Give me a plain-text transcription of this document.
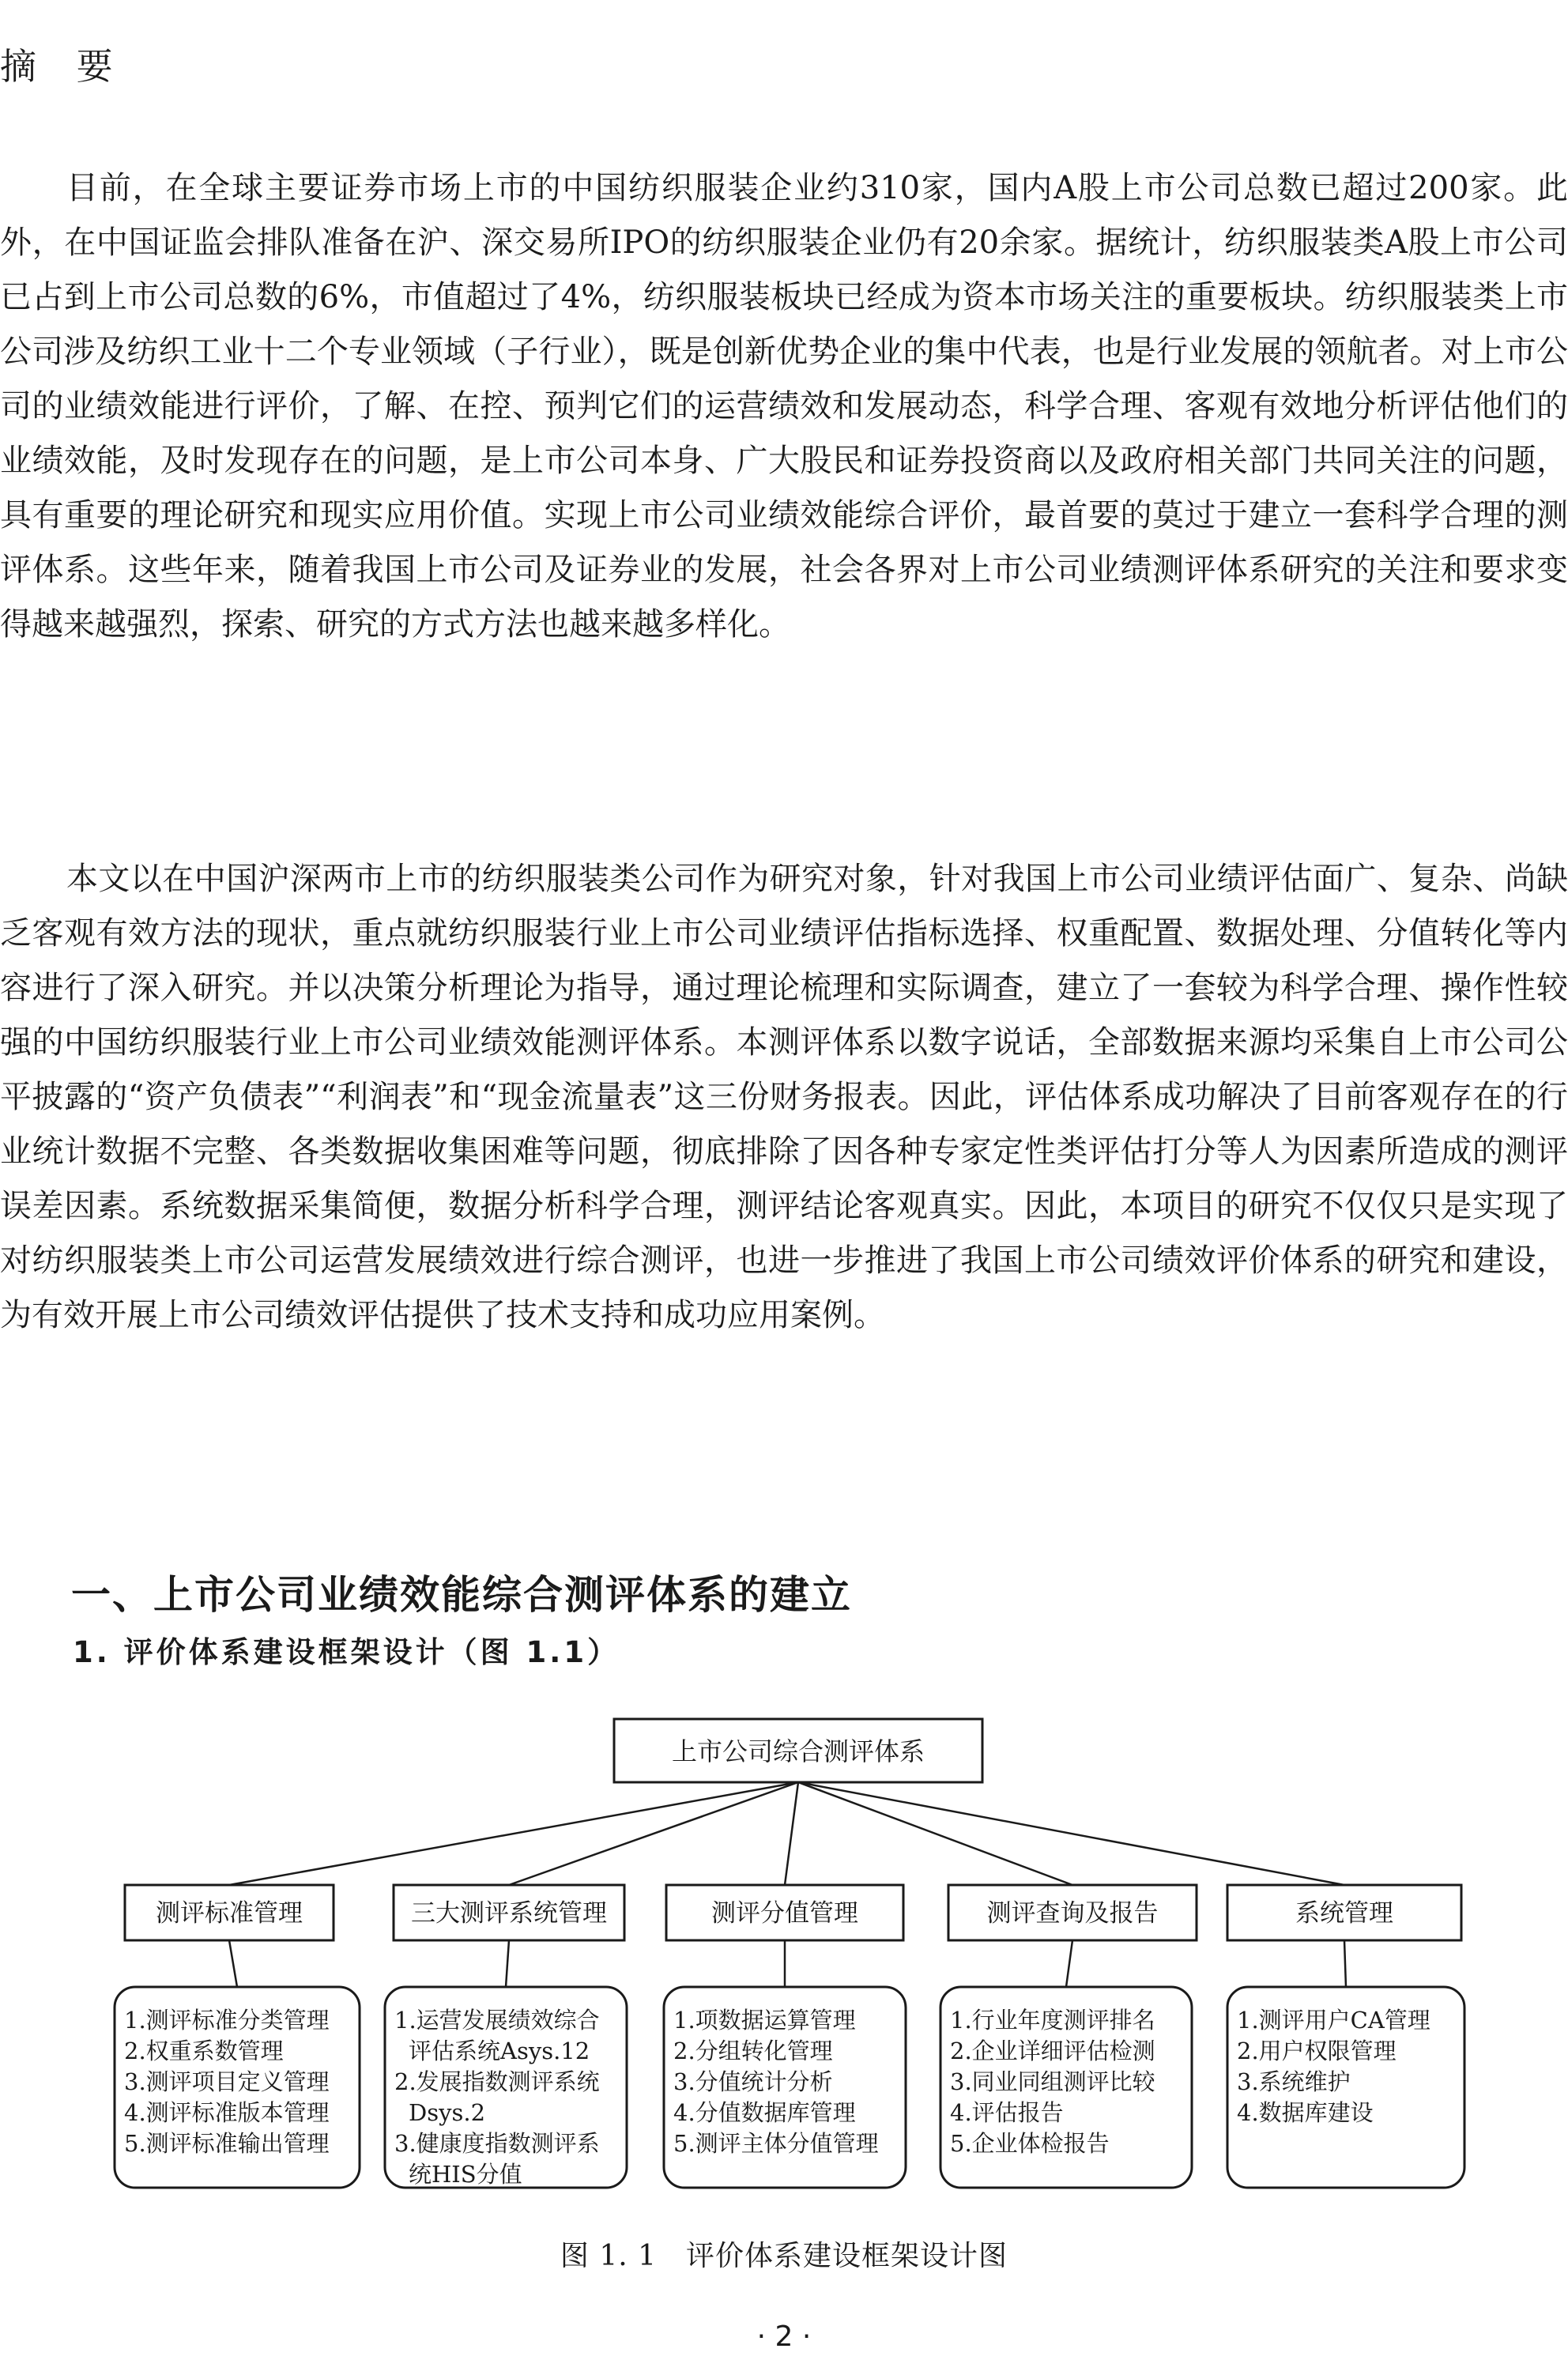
摘 要

目前，在全球主要证券市场上市的中国纺织服装企业约310家，国内A股上市公司总数已超过200家。此外，在中国证监会排队准备在沪、深交易所IPO的纺织服装企业仍有20余家。据统计，纺织服装类A股上市公司已占到上市公司总数的6%，市值超过了4%，纺织服装板块已经成为资本市场关注的重要板块。纺织服装类上市公司涉及纺织工业十二个专业领域（子行业），既是创新优势企业的集中代表，也是行业发展的领航者。对上市公司的业绩效能进行评价，了解、在控、预判它们的运营绩效和发展动态，科学合理、客观有效地分析评估他们的业绩效能，及时发现存在的问题，是上市公司本身、广大股民和证券投资商以及政府相关部门共同关注的问题，具有重要的理论研究和现实应用价值。实现上市公司业绩效能综合评价，最首要的莫过于建立一套科学合理的测评体系。这些年来，随着我国上市公司及证券业的发展，社会各界对上市公司业绩测评体系研究的关注和要求变得越来越强烈，探索、研究的方式方法也越来越多样化。

本文以在中国沪深两市上市的纺织服装类公司作为研究对象，针对我国上市公司业绩评估面广、复杂、尚缺乏客观有效方法的现状，重点就纺织服装行业上市公司业绩评估指标选择、权重配置、数据处理、分值转化等内容进行了深入研究。并以决策分析理论为指导，通过理论梳理和实际调查，建立了一套较为科学合理、操作性较强的中国纺织服装行业上市公司业绩效能测评体系。本测评体系以数字说话，全部数据来源均采集自上市公司公平披露的“资产负债表”“利润表”和“现金流量表”这三份财务报表。因此，评估体系成功解决了目前客观存在的行业统计数据不完整、各类数据收集困难等问题，彻底排除了因各种专家定性类评估打分等人为因素所造成的测评误差因素。系统数据采集简便，数据分析科学合理，测评结论客观真实。因此，本项目的研究不仅仅只是实现了对纺织服装类上市公司运营发展绩效进行综合测评，也进一步推进了我国上市公司绩效评价体系的研究和建设，为有效开展上市公司绩效评估提供了技术支持和成功应用案例。

一、上市公司业绩效能综合测评体系的建立
1. 评价体系建设框架设计（图 1.1）
上市公司综合测评体系
测评标准管理
1.测评标准分类管理
2.权重系数管理
3.测评项目定义管理
4.测评标准版本管理
5.测评标准输出管理
三大测评系统管理
1.运营发展绩效综合
评估系统Asys.12
2.发展指数测评系统
Dsys.2
3.健康度指数测评系
统HIS分值
测评分值管理
1.项数据运算管理
2.分组转化管理
3.分值统计分析
4.分值数据库管理
5.测评主体分值管理
测评查询及报告
1.行业年度测评排名
2.企业详细评估检测
3.同业同组测评比较
4.评估报告
5.企业体检报告
系统管理
1.测评用户CA管理
2.用户权限管理
3.系统维护
4.数据库建设
图 1. 1　评价体系建设框架设计图
· 2 ·
